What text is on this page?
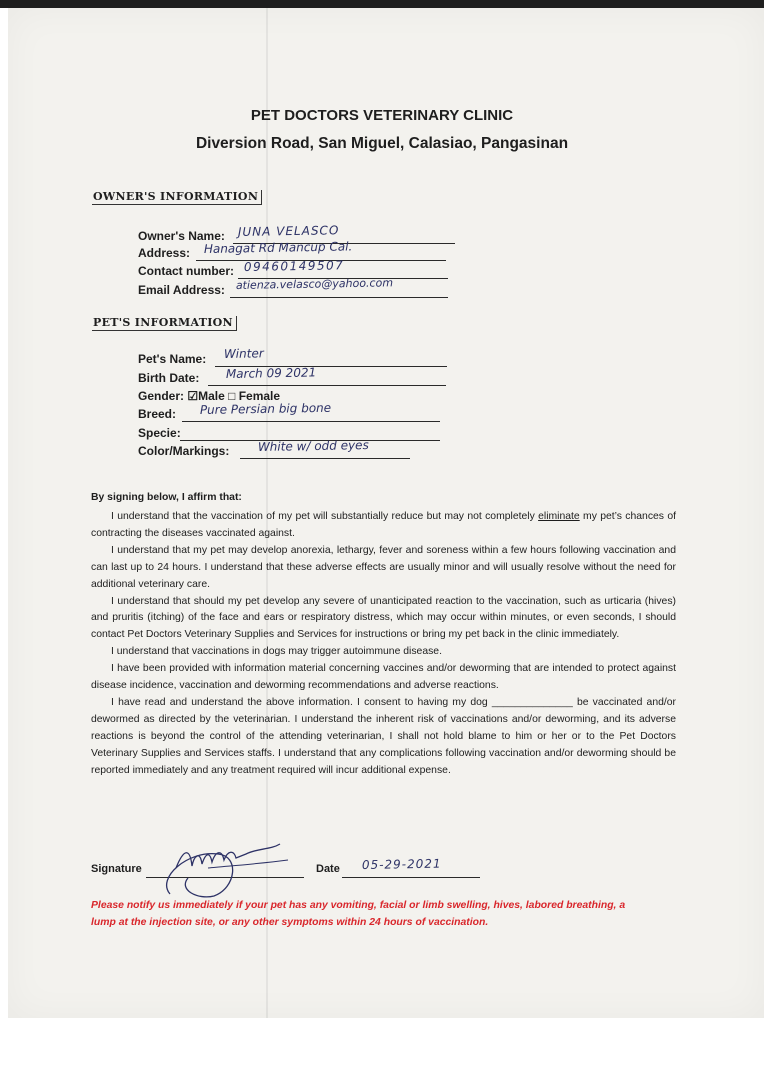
PET DOCTORS VETERINARY CLINIC
Diversion Road, San Miguel, Calasiao, Pangasinan
OWNER'S INFORMATION
Owner's Name: JUNA VELASCO
Address: Hanagat Rd Mancup Cal.
Contact number: 09460149507
Email Address: atienza.velasco@yahoo.com
PET'S INFORMATION
Pet's Name: Winter
Birth Date: March 09 2021
Gender: ☑Male □ Female
Breed: Pure Persian big bone
Specie:
Color/Markings: White w/ odd eyes
By signing below, I affirm that:

I understand that the vaccination of my pet will substantially reduce but may not completely eliminate my pet’s chances of contracting the diseases vaccinated against.

I understand that my pet may develop anorexia, lethargy, fever and soreness within a few hours following vaccination and can last up to 24 hours. I understand that these adverse effects are usually minor and will usually resolve without the need for additional veterinary care.

I understand that should my pet develop any severe of unanticipated reaction to the vaccination, such as urticaria (hives) and pruritis (itching) of the face and ears or respiratory distress, which may occur within minutes, or even seconds, I should contact Pet Doctors Veterinary Supplies and Services for instructions or bring my pet back in the clinic immediately.

I understand that vaccinations in dogs may trigger autoimmune disease.

I have been provided with information material concerning vaccines and/or deworming that are intended to protect against disease incidence, vaccination and deworming recommendations and adverse reactions.

I have read and understand the above information. I consent to having my dog ______________ be vaccinated and/or dewormed as directed by the veterinarian. I understand the inherent risk of vaccinations and/or deworming, and its adverse reactions is beyond the control of the attending veterinarian, I shall not hold blame to him or her or to the Pet Doctors Veterinary Supplies and Services staffs. I understand that any complications following vaccination and/or deworming should be reported immediately and any treatment required will incur additional expense.

Signature	Date 05-29-2021
Please notify us immediately if your pet has any vomiting, facial or limb swelling, hives, labored breathing, a lump at the injection site, or any other symptoms within 24 hours of vaccination.
